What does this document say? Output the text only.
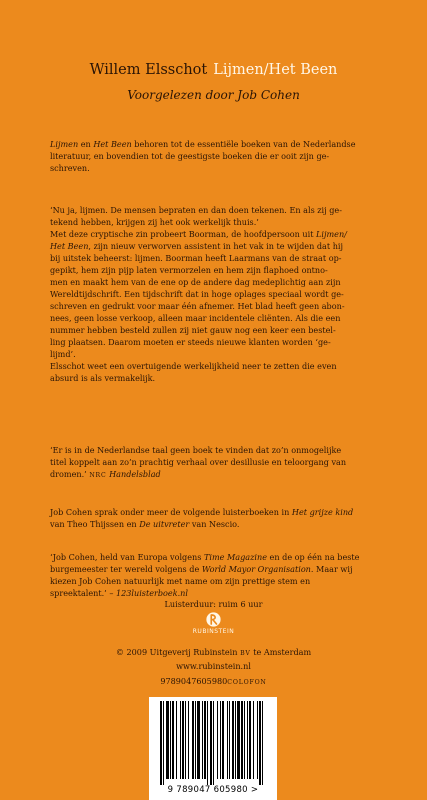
Willem Elsschot Lijmen/Het Been
Voorgelezen door Job Cohen

Lijmen en Het Been behoren tot de essentiële boeken van de Nederlandse

literatuur, en bovendien tot de geestigste boeken die er ooit zijn ge-

schreven.

‘Nu ja, lijmen. De mensen bepraten en dan doen tekenen. En als zij ge-

tekend hebben, krijgen zij het ook werkelijk thuis.’

Met deze cryptische zin probeert Boorman, de hoofdpersoon uit Lijmen/

Het Been, zijn nieuw verworven assistent in het vak in te wijden dat hij

bij uitstek beheerst: lijmen. Boorman heeft Laarmans van de straat op-

gepikt, hem zijn pijp laten vermorzelen en hem zijn flaphoed ontno-

men en maakt hem van de ene op de andere dag medeplichtig aan zijn

Wereldtijdschrift. Een tijdschrift dat in hoge oplages speciaal wordt ge-

schreven en gedrukt voor maar één afnemer. Het blad heeft geen abon-

nees, geen losse verkoop, alleen maar incidentele cliënten. Als die een

nummer hebben besteld zullen zij niet gauw nog een keer een bestel-

ling plaatsen. Daarom moeten er steeds nieuwe klanten worden ‘ge-

lijmd’.

Elsschot weet een overtuigende werkelijkheid neer te zetten die even

absurd is als vermakelijk.

‘Er is in de Nederlandse taal geen boek te vinden dat zo’n onmogelijke

titel koppelt aan zo’n prachtig verhaal over desillusie en teloorgang van

dromen.’ NRC Handelsblad

Job Cohen sprak onder meer de volgende luisterboeken in Het grijze kind

van Theo Thijssen en De uitvreter van Nescio.

‘Job Cohen, held van Europa volgens Time Magazine en de op één na beste

burgemeester ter wereld volgens de World Mayor Organisation. Maar wij

kiezen Job Cohen natuurlijk met name om zijn prettige stem en

spreektalent.’ – 123luisterboek.nl

Luisterduur: ruim 6 uur
RUBINSTEIN
© 2009 Uitgeverij Rubinstein BV te Amsterdam
www.rubinstein.nl
9789047605980COLOFON
9 789047 605980 >
